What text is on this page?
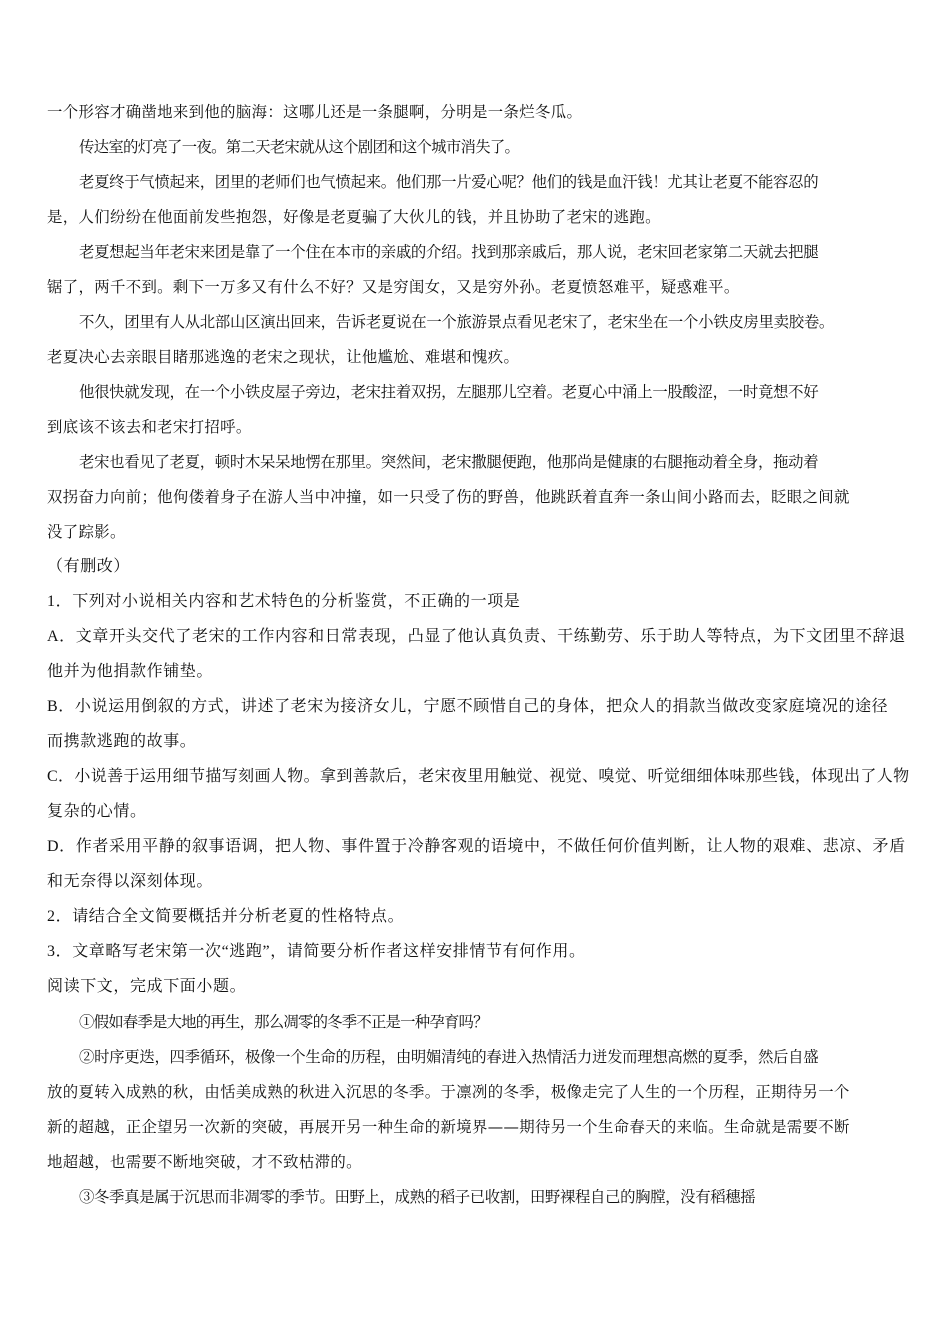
一个形容才确凿地来到他的脑海：这哪儿还是一条腿啊，分明是一条烂冬瓜。
传达室的灯亮了一夜。第二天老宋就从这个剧团和这个城市消失了。
老夏终于气愤起来，团里的老师们也气愤起来。他们那一片爱心呢？他们的钱是血汗钱！尤其让老夏不能容忍的
是，人们纷纷在他面前发些抱怨，好像是老夏骗了大伙儿的钱，并且协助了老宋的逃跑。
老夏想起当年老宋来团是靠了一个住在本市的亲戚的介绍。找到那亲戚后，那人说，老宋回老家第二天就去把腿
锯了，两千不到。剩下一万多又有什么不好？又是穷闺女，又是穷外孙。老夏愤怒难平，疑惑难平。
不久，团里有人从北部山区演出回来，告诉老夏说在一个旅游景点看见老宋了，老宋坐在一个小铁皮房里卖胶卷。
老夏决心去亲眼目睹那逃逸的老宋之现状，让他尴尬、难堪和愧疚。
他很快就发现，在一个小铁皮屋子旁边，老宋拄着双拐，左腿那儿空着。老夏心中涌上一股酸涩，一时竟想不好
到底该不该去和老宋打招呼。
老宋也看见了老夏，顿时木呆呆地愣在那里。突然间，老宋撒腿便跑，他那尚是健康的右腿拖动着全身，拖动着
双拐奋力向前；他佝偻着身子在游人当中冲撞，如一只受了伤的野兽，他跳跃着直奔一条山间小路而去，眨眼之间就
没了踪影。
（有删改）
1．下列对小说相关内容和艺术特色的分析鉴赏，不正确的一项是
A．文章开头交代了老宋的工作内容和日常表现，凸显了他认真负责、干练勤劳、乐于助人等特点，为下文团里不辞退
他并为他捐款作铺垫。
B．小说运用倒叙的方式，讲述了老宋为接济女儿，宁愿不顾惜自己的身体，把众人的捐款当做改变家庭境况的途径
而携款逃跑的故事。
C．小说善于运用细节描写刻画人物。拿到善款后，老宋夜里用触觉、视觉、嗅觉、听觉细细体味那些钱，体现出了人物
复杂的心情。
D．作者采用平静的叙事语调，把人物、事件置于冷静客观的语境中，不做任何价值判断，让人物的艰难、悲凉、矛盾
和无奈得以深刻体现。
2．请结合全文简要概括并分析老夏的性格特点。
3．文章略写老宋第一次“逃跑”，请简要分析作者这样安排情节有何作用。
阅读下文，完成下面小题。
①假如春季是大地的再生，那么凋零的冬季不正是一种孕育吗？
②时序更迭，四季循环，极像一个生命的历程，由明媚清纯的春进入热情活力迸发而理想高燃的夏季，然后自盛
放的夏转入成熟的秋，由恬美成熟的秋进入沉思的冬季。于凛冽的冬季，极像走完了人生的一个历程，正期待另一个
新的超越，正企望另一次新的突破，再展开另一种生命的新境界——期待另一个生命春天的来临。生命就是需要不断
地超越，也需要不断地突破，才不致枯滞的。
③冬季真是属于沉思而非凋零的季节。田野上，成熟的稻子已收割，田野裸程自己的胸膛，没有稻穗摇
